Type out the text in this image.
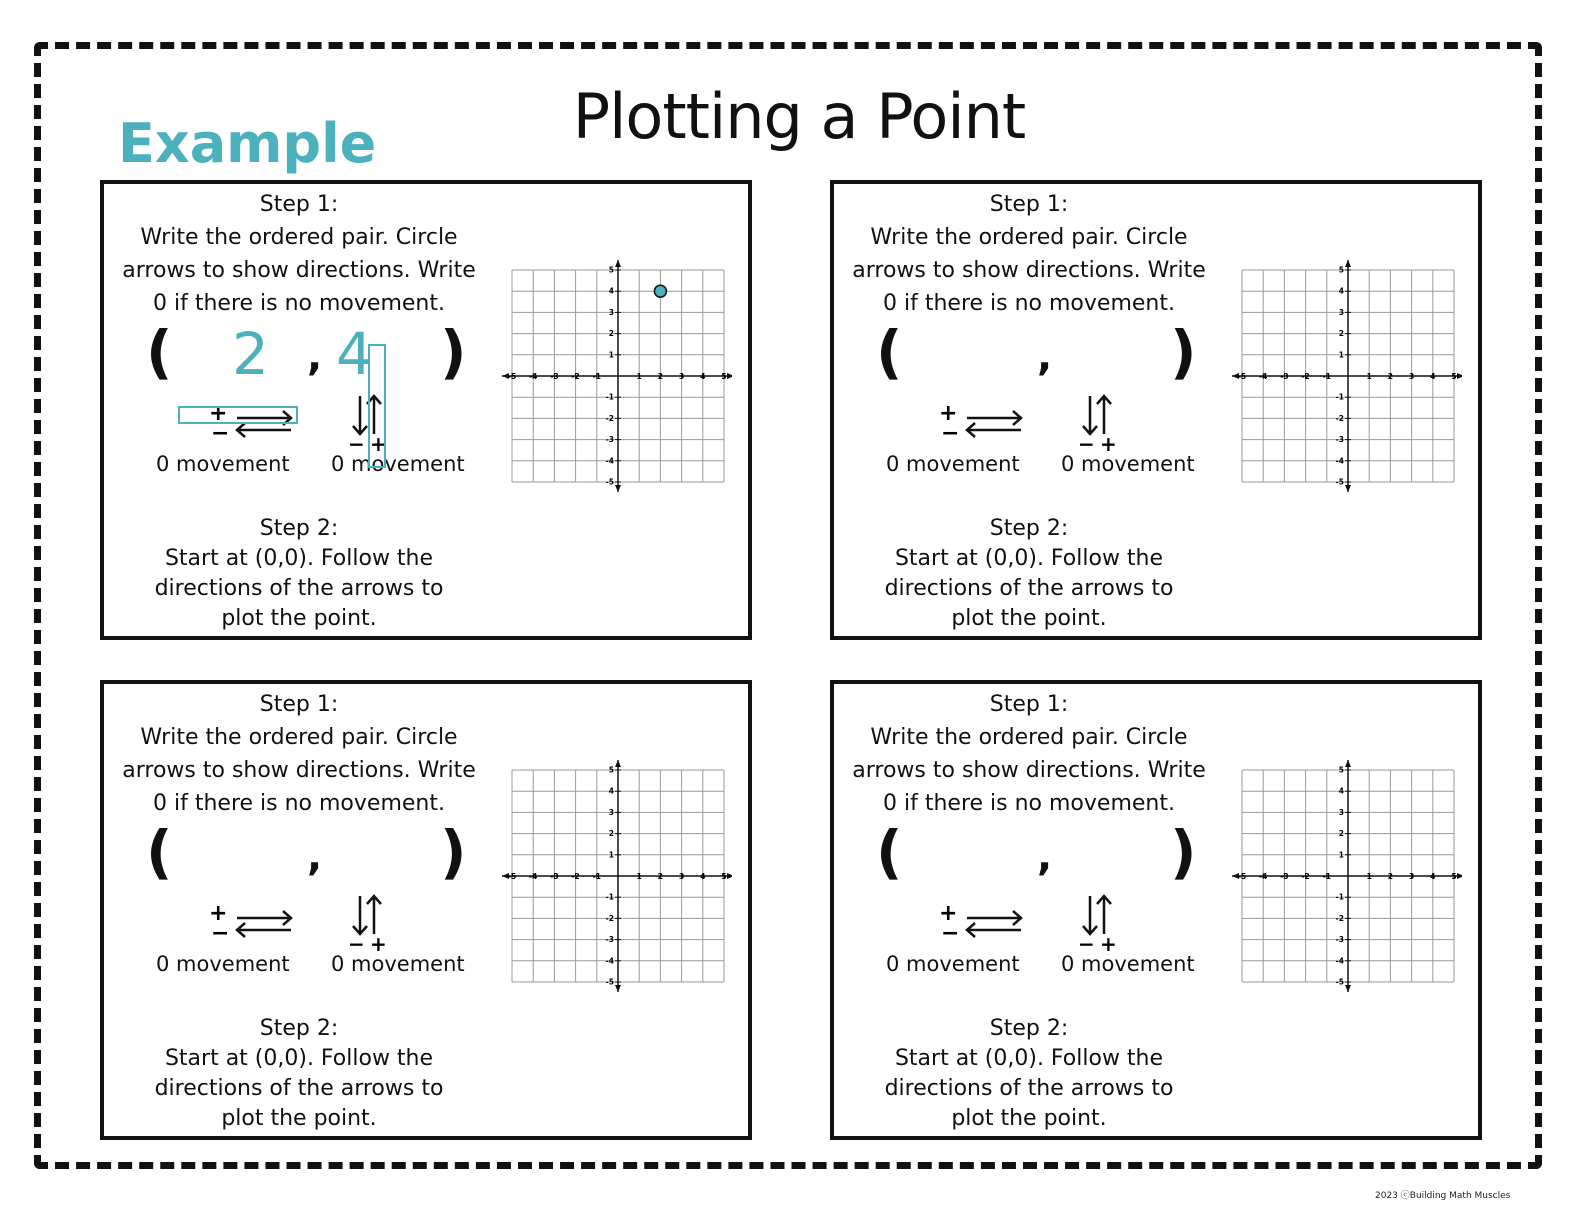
Plotting a Point
Example
Step 1:
Write the ordered pair. Circle
arrows to show directions. Write
0 if there is no movement.
(	, )
+
−	− +
0 movement 0 movement
Step 2:
Start at (0,0). Follow the
directions of the arrows to
plot the point.
-5
-5
-4
-4
-3
-3
-2
-2
-1
-1
1
1
2
2
3
3
4
4
5
5
2 4
Step 1:
Write the ordered pair. Circle
arrows to show directions. Write
0 if there is no movement.
(	, )
+
−	− +
0 movement 0 movement
Step 2:
Start at (0,0). Follow the
directions of the arrows to
plot the point.
-5
-5
-4
-4
-3
-3
-2
-2
-1
-1
1
1
2
2
3
3
4
4
5
5
Step 1:
Write the ordered pair. Circle
arrows to show directions. Write
0 if there is no movement.
(	, )
+
−	− +
0 movement 0 movement
Step 2:
Start at (0,0). Follow the
directions of the arrows to
plot the point.
-5
-5
-4
-4
-3
-3
-2
-2
-1
-1
1
1
2
2
3
3
4
4
5
5
Step 1:
Write the ordered pair. Circle
arrows to show directions. Write
0 if there is no movement.
(	, )
+
−	− +
0 movement 0 movement
Step 2:
Start at (0,0). Follow the
directions of the arrows to
plot the point.
-5
-5
-4
-4
-3
-3
-2
-2
-1
-1
1
1
2
2
3
3
4
4
5
5
2023 ⓒBuilding Math Muscles
